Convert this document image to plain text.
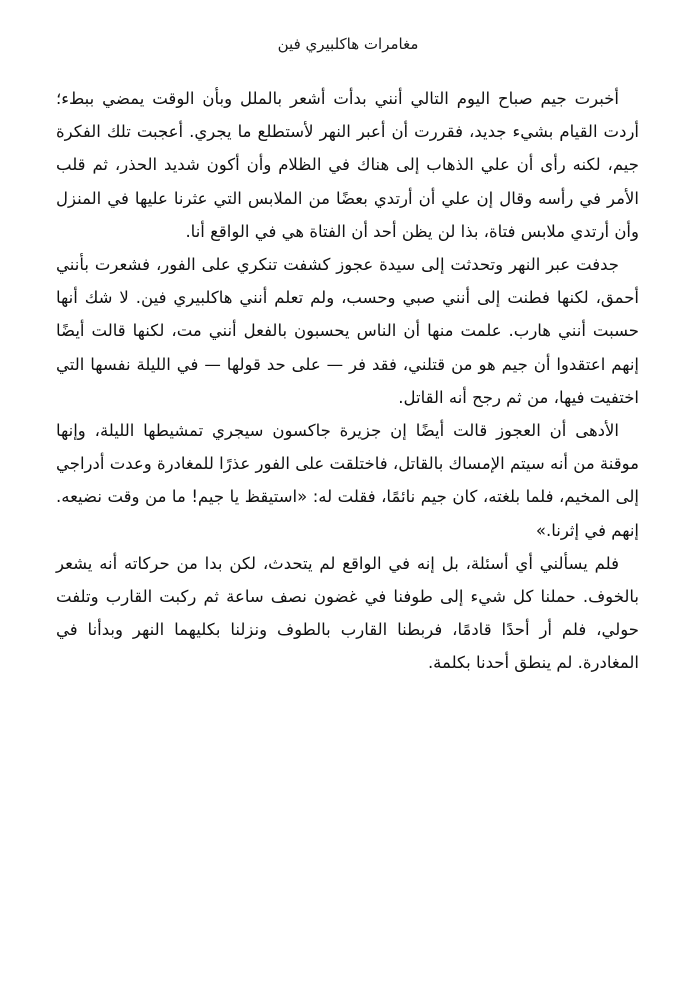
مغامرات هاكلبيري فين

أخبرت جيم صباح اليوم التالي أنني بدأت أشعر بالملل وبأن الوقت يمضي ببطء؛ أردت القيام بشيء جديد، فقررت أن أعبر النهر لأستطلع ما يجري. أعجبت تلك الفكرة جيم، لكنه رأى أن علي الذهاب إلى هناك في الظلام وأن أكون شديد الحذر، ثم قلب الأمر في رأسه وقال إن علي أن أرتدي بعضًا من الملابس التي عثرنا عليها في المنزل وأن أرتدي ملابس فتاة، بذا لن يظن أحد أن الفتاة هي في الواقع أنا.

جدفت عبر النهر وتحدثت إلى سيدة عجوز كشفت تنكري على الفور، فشعرت بأنني أحمق، لكنها فطنت إلى أنني صبي وحسب، ولم تعلم أنني هاكلبيري فين. لا شك أنها حسبت أنني هارب. علمت منها أن الناس يحسبون بالفعل أنني مت، لكنها قالت أيضًا إنهم اعتقدوا أن جيم هو من قتلني، فقد فر — على حد قولها — في الليلة نفسها التي اختفيت فيها، من ثم رجح أنه القاتل.

الأدهى أن العجوز قالت أيضًا إن جزيرة جاكسون سيجري تمشيطها الليلة، وإنها موقنة من أنه سيتم الإمساك بالقاتل، فاختلقت على الفور عذرًا للمغادرة وعدت أدراجي إلى المخيم، فلما بلغته، كان جيم نائمًا، فقلت له: «استيقظ يا جيم! ما من وقت نضيعه. إنهم في إثرنا.»

فلم يسألني أي أسئلة، بل إنه في الواقع لم يتحدث، لكن بدا من حركاته أنه يشعر بالخوف. حملنا كل شيء إلى طوفنا في غضون نصف ساعة ثم ركبت القارب وتلفت حولي، فلم أر أحدًا قادمًا، فربطنا القارب بالطوف ونزلنا بكليهما النهر وبدأنا في المغادرة. لم ينطق أحدنا بكلمة.
